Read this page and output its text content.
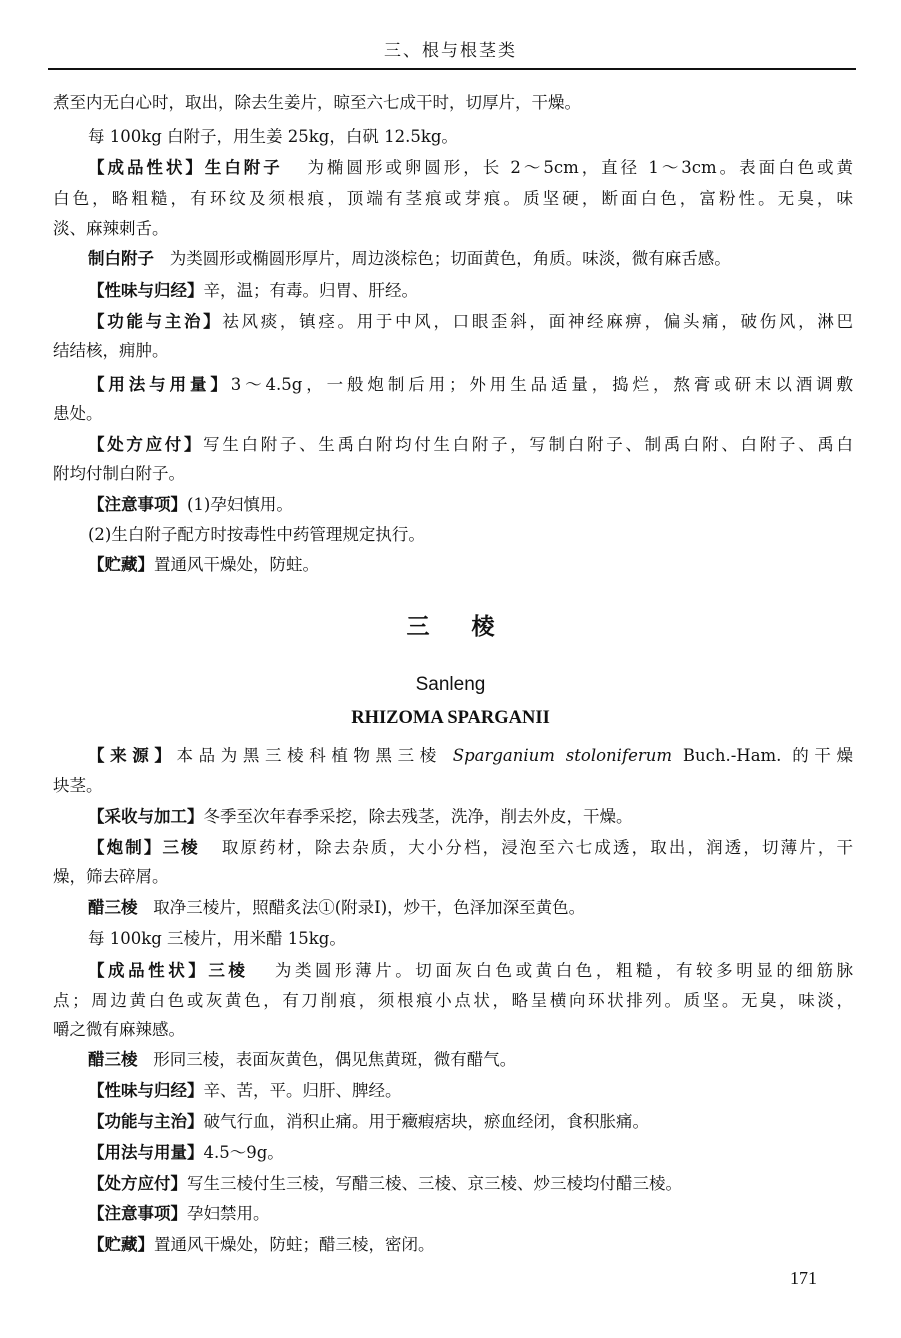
三、根与根茎类
煮至内无白心时，取出，除去生姜片，晾至六七成干时，切厚片，干燥。
每 100kg 白附子，用生姜 25kg，白矾 12.5kg。
【成品性状】生白附子 为椭圆形或卵圆形，长 2～5cm，直径 1～3cm。表面白色或黄
白色，略粗糙，有环纹及须根痕，顶端有茎痕或芽痕。质坚硬，断面白色，富粉性。无臭，味
淡、麻辣刺舌。
制白附子 为类圆形或椭圆形厚片，周边淡棕色；切面黄色，角质。味淡，微有麻舌感。
【性味与归经】辛，温；有毒。归胃、肝经。
【功能与主治】祛风痰，镇痉。用于中风，口眼歪斜，面神经麻痹，偏头痛，破伤风，淋巴
结结核，痈肿。
【用法与用量】3～4.5g，一般炮制后用；外用生品适量，捣烂，熬膏或研末以酒调敷
患处。
【处方应付】写生白附子、生禹白附均付生白附子，写制白附子、制禹白附、白附子、禹白
附均付制白附子。
【注意事项】(1)孕妇慎用。
(2)生白附子配方时按毒性中药管理规定执行。
【贮藏】置通风干燥处，防蛀。
三棱
Sanleng
RHIZOMA SPARGANII
【来源】本品为黑三棱科植物黑三棱 Sparganium stoloniferum Buch.-Ham. 的干燥
块茎。
【采收与加工】冬季至次年春季采挖，除去残茎，洗净，削去外皮，干燥。
【炮制】三棱 取原药材，除去杂质，大小分档，浸泡至六七成透，取出，润透，切薄片，干
燥，筛去碎屑。
醋三棱 取净三棱片，照醋炙法①(附录Ⅰ)，炒干，色泽加深至黄色。
每 100kg 三棱片，用米醋 15kg。
【成品性状】三棱 为类圆形薄片。切面灰白色或黄白色，粗糙，有较多明显的细筋脉
点；周边黄白色或灰黄色，有刀削痕，须根痕小点状，略呈横向环状排列。质坚。无臭，味淡，
嚼之微有麻辣感。
醋三棱 形同三棱，表面灰黄色，偶见焦黄斑，微有醋气。
【性味与归经】辛、苦，平。归肝、脾经。
【功能与主治】破气行血，消积止痛。用于癥瘕痞块，瘀血经闭，食积胀痛。
【用法与用量】4.5～9g。
【处方应付】写生三棱付生三棱，写醋三棱、三棱、京三棱、炒三棱均付醋三棱。
【注意事项】孕妇禁用。
【贮藏】置通风干燥处，防蛀；醋三棱，密闭。
171
